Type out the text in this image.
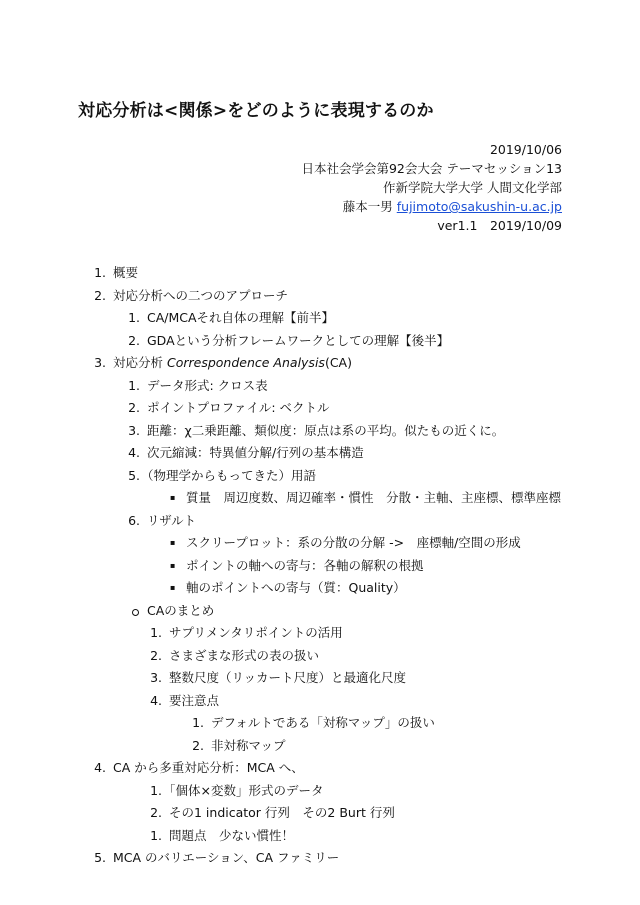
対応分析は<関係>をどのように表現するのか
2019/10/06
日本社会学会第92会大会 テーマセッション13
作新学院大学大学 人間文化学部
藤本一男 fujimoto@sakushin-u.ac.jp
ver1.1　2019/10/09
1. 概要
2. 対応分析への二つのアプローチ
1. CA/MCAそれ自体の理解【前半】
2. GDAという分析フレームワークとしての理解【後半】
3. 対応分析 Correspondence Analysis(CA)
1. データ形式: クロス表
2. ポイントプロファイル: ベクトル
3. 距離：χ二乗距離、類似度：原点は系の平均。似たもの近くに。
4. 次元縮減：特異値分解/行列の基本構造
5. （物理学からもってきた）用語
▪ 質量　周辺度数、周辺確率・慣性　分散・主軸、主座標、標準座標
6. リザルト
▪ スクリープロット：系の分散の分解 ->　座標軸/空間の形成
▪ ポイントの軸への寄与：各軸の解釈の根拠
▪ 軸のポイントへの寄与（質：Quality）
CAのまとめ
1. サプリメンタリポイントの活用
2. さまざまな形式の表の扱い
3. 整数尺度（リッカート尺度）と最適化尺度
4. 要注意点
1. デフォルトである「対称マップ」の扱い
2. 非対称マップ
4. CA から多重対応分析：MCA へ、
1. 「個体×変数」形式のデータ
2. その1 indicator 行列　その2 Burt 行列
1. 問題点　少ない慣性！
5. MCA のバリエーション、CA ファミリー
